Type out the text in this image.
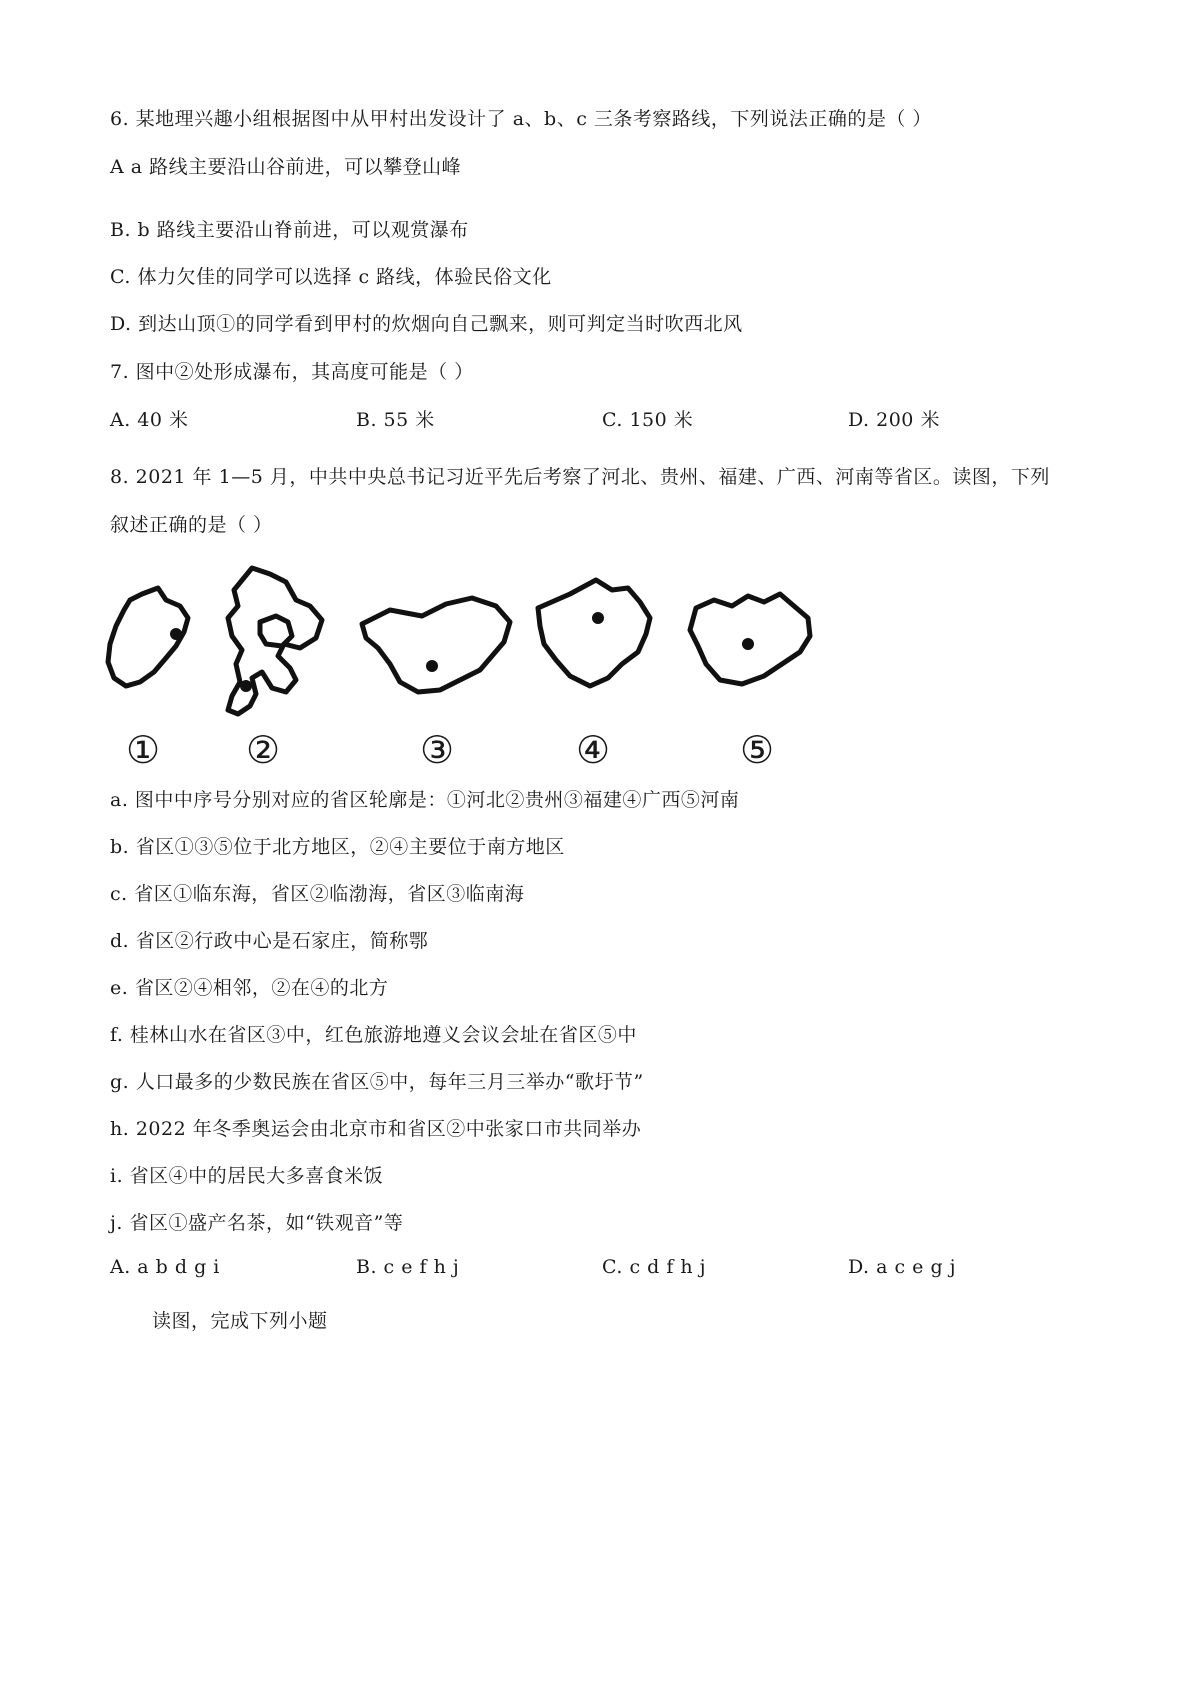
6. 某地理兴趣小组根据图中从甲村出发设计了 a、b、c 三条考察路线，下列说法正确的是（ ）
A a 路线主要沿山谷前进，可以攀登山峰
B. b 路线主要沿山脊前进，可以观赏瀑布
C. 体力欠佳的同学可以选择 c 路线，体验民俗文化
D. 到达山顶①的同学看到甲村的炊烟向自己飘来，则可判定当时吹西北风
7. 图中②处形成瀑布，其高度可能是（ ）
A. 40 米	B. 55 米	C. 150 米	D. 200 米
8. 2021 年 1—5 月，中共中央总书记习近平先后考察了河北、贵州、福建、广西、河南等省区。读图，下列
叙述正确的是（ ）
① ②	③	④	⑤
a. 图中中序号分别对应的省区轮廓是：①河北②贵州③福建④广西⑤河南
b. 省区①③⑤位于北方地区，②④主要位于南方地区
c. 省区①临东海，省区②临渤海，省区③临南海
d. 省区②行政中心是石家庄，简称鄂
e. 省区②④相邻，②在④的北方
f. 桂林山水在省区③中，红色旅游地遵义会议会址在省区⑤中
g. 人口最多的少数民族在省区⑤中，每年三月三举办“歌圩节”
h. 2022 年冬季奥运会由北京市和省区②中张家口市共同举办
i. 省区④中的居民大多喜食米饭
j. 省区①盛产名茶，如“铁观音”等
A. a b d g i	B. c e f h j	C. c d f h j	D. a c e g j
读图，完成下列小题
